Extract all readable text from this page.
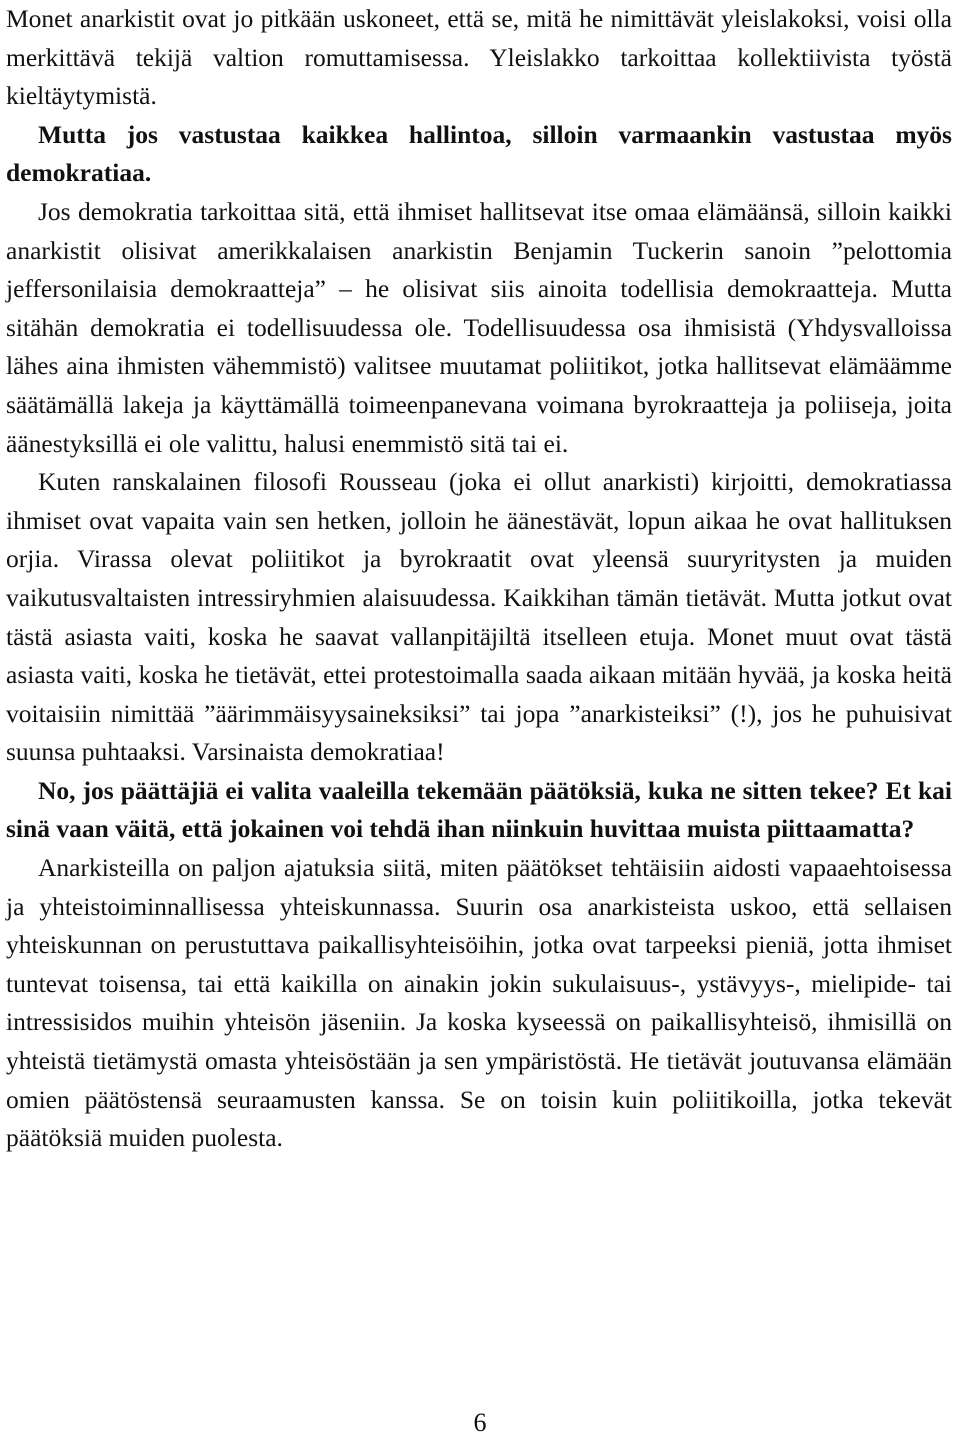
Monet anarkistit ovat jo pitkään uskoneet, että se, mitä he nimittävät yleislakoksi, voisi olla merkittävä tekijä valtion romuttamisessa. Yleislakko tarkoittaa kollektiivista työstä kieltäytymistä.

Mutta jos vastustaa kaikkea hallintoa, silloin varmaankin vastustaa myös demokratiaa.

Jos demokratia tarkoittaa sitä, että ihmiset hallitsevat itse omaa elämäänsä, silloin kaikki anarkistit olisivat amerikkalaisen anarkistin Benjamin Tuckerin sanoin ”pelottomia jeffersonilaisia demokraatteja” – he olisivat siis ainoita todellisia demokraatteja. Mutta sitähän demokratia ei todellisuudessa ole. Todellisuudessa osa ihmisistä (Yhdysvalloissa lähes aina ihmisten vähemmistö) valitsee muutamat poliitikot, jotka hallitsevat elämäämme säätämällä lakeja ja käyttämällä toimeenpanevana voimana byrokraatteja ja poliiseja, joita äänestyksillä ei ole valittu, halusi enemmistö sitä tai ei.

Kuten ranskalainen filosofi Rousseau (joka ei ollut anarkisti) kirjoitti, demokratiassa ihmiset ovat vapaita vain sen hetken, jolloin he äänestävät, lopun aikaa he ovat hallituksen orjia. Virassa olevat poliitikot ja byrokraatit ovat yleensä suuryritysten ja muiden vaikutusvaltaisten intressiryhmien alaisuudessa. Kaikkihan tämän tietävät. Mutta jotkut ovat tästä asiasta vaiti, koska he saavat vallanpitäjiltä itselleen etuja. Monet muut ovat tästä asiasta vaiti, koska he tietävät, ettei protestoimalla saada aikaan mitään hyvää, ja koska heitä voitaisiin nimittää ”äärimmäisyysaineksiksi” tai jopa ”anarkisteiksi” (!), jos he puhuisivat suunsa puhtaaksi. Varsinaista demokratiaa!

No, jos päättäjiä ei valita vaaleilla tekemään päätöksiä, kuka ne sitten tekee? Et kai sinä vaan väitä, että jokainen voi tehdä ihan niinkuin huvittaa muista piittaamatta?

Anarkisteilla on paljon ajatuksia siitä, miten päätökset tehtäisiin aidosti vapaaehtoisessa ja yhteistoiminnallisessa yhteiskunnassa. Suurin osa anarkisteista uskoo, että sellaisen yhteiskunnan on perustuttava paikallisyhteisöihin, jotka ovat tarpeeksi pieniä, jotta ihmiset tuntevat toisensa, tai että kaikilla on ainakin jokin sukulaisuus-, ystävyys-, mielipide- tai intressisidos muihin yhteisön jäseniin. Ja koska kyseessä on paikallisyhteisö, ihmisillä on yhteistä tietämystä omasta yhteisöstään ja sen ympäristöstä. He tietävät joutuvansa elämään omien päätöstensä seuraamusten kanssa. Se on toisin kuin poliitikoilla, jotka tekevät päätöksiä muiden puolesta.

6
